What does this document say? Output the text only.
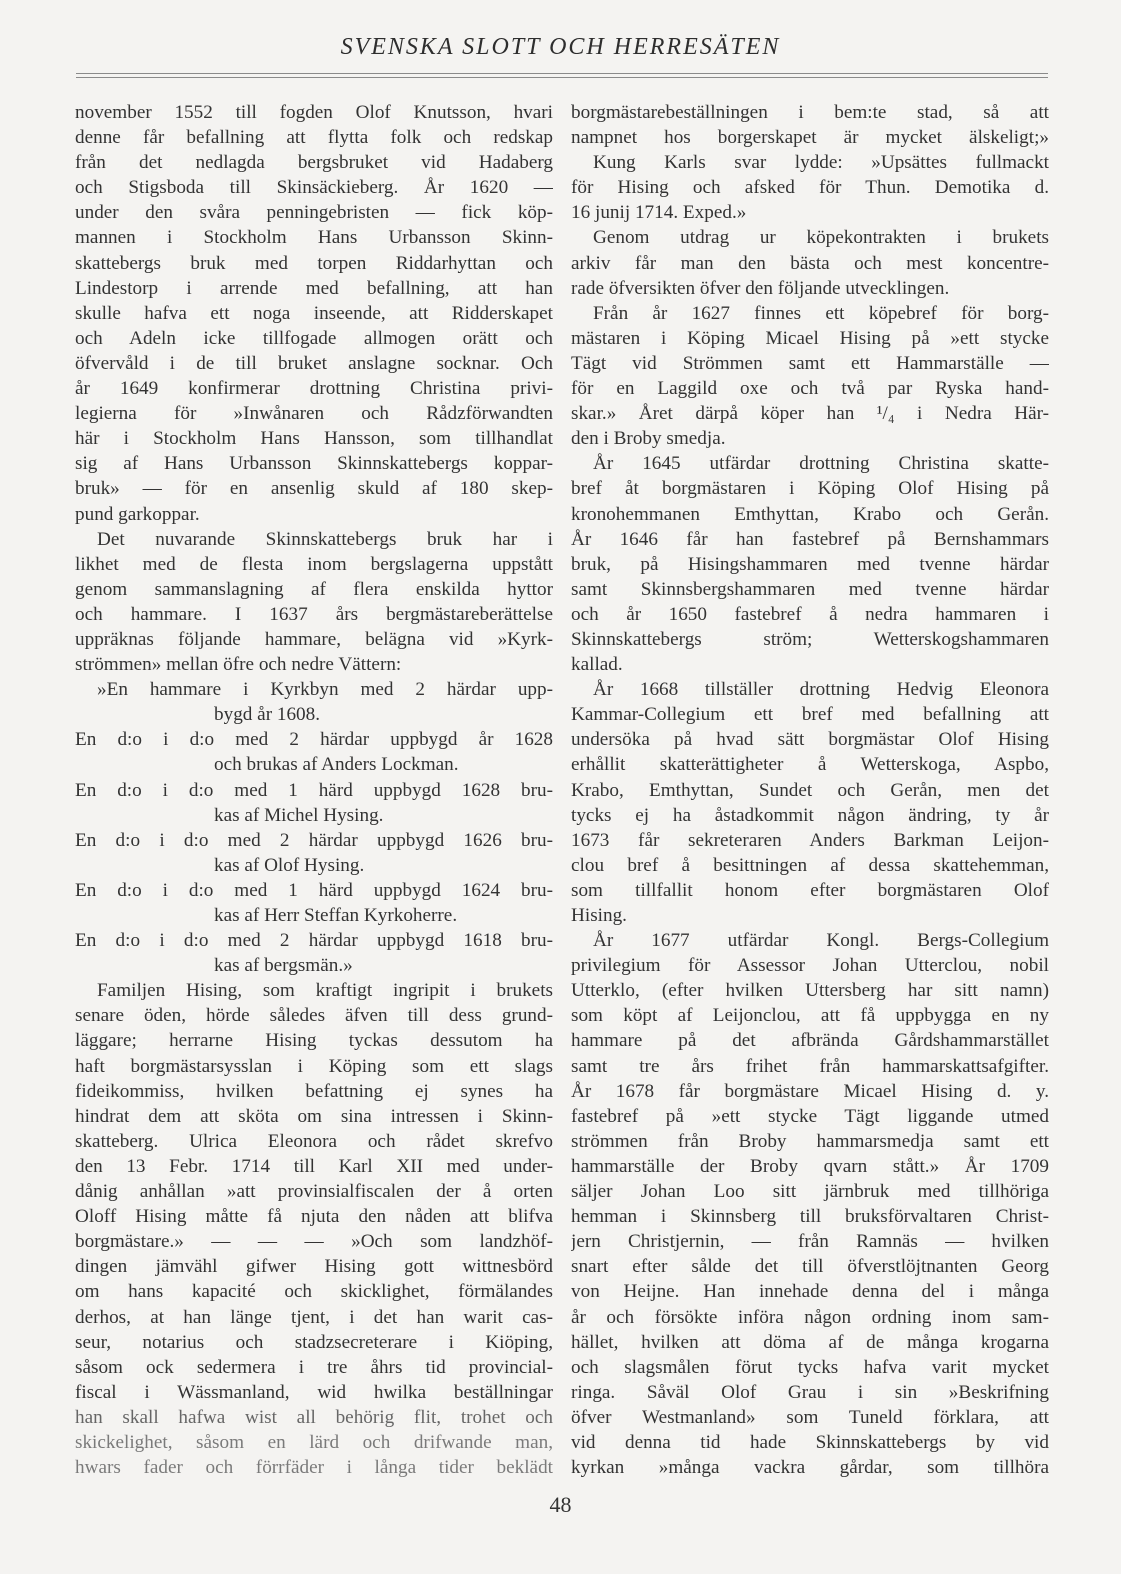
SVENSKA SLOTT OCH HERRESÄTEN
november 1552 till fogden Olof Knutsson, hvari
denne får befallning att flytta folk och redskap
från det nedlagda bergsbruket vid Hadaberg
och Stigsboda till Skinsäckieberg. År 1620 —
under den svåra penningebristen — fick köp-
mannen i Stockholm Hans Urbansson Skinn-
skattebergs bruk med torpen Riddarhyttan och
Lindestorp i arrende med befallning, att han
skulle hafva ett noga inseende, att Ridderskapet
och Adeln icke tillfogade allmogen orätt och
öfvervåld i de till bruket anslagne socknar. Och
år 1649 konfirmerar drottning Christina privi-
legierna för »Inwånaren och Rådzförwandten
här i Stockholm Hans Hansson, som tillhandlat
sig af Hans Urbansson Skinnskattebergs koppar-
bruk» — för en ansenlig skuld af 180 skep-
pund garkoppar.
Det nuvarande Skinnskattebergs bruk har i
likhet med de flesta inom bergslagerna uppstått
genom sammanslagning af flera enskilda hyttor
och hammare. I 1637 års bergmästareberättelse
uppräknas följande hammare, belägna vid »Kyrk-
strömmen» mellan öfre och nedre Vättern:
»En hammare i Kyrkbyn med 2 härdar upp-
bygd år 1608.
En d:o i d:o med 2 härdar uppbygd år 1628
och brukas af Anders Lockman.
En d:o i d:o med 1 härd uppbygd 1628 bru-
kas af Michel Hysing.
En d:o i d:o med 2 härdar uppbygd 1626 bru-
kas af Olof Hysing.
En d:o i d:o med 1 härd uppbygd 1624 bru-
kas af Herr Steffan Kyrkoherre.
En d:o i d:o med 2 härdar uppbygd 1618 bru-
kas af bergsmän.»
Familjen Hising, som kraftigt ingripit i brukets
senare öden, hörde således äfven till dess grund-
läggare; herrarne Hising tyckas dessutom ha
haft borgmästarsysslan i Köping som ett slags
fideikommiss, hvilken befattning ej synes ha
hindrat dem att sköta om sina intressen i Skinn-
skatteberg. Ulrica Eleonora och rådet skrefvo
den 13 Febr. 1714 till Karl XII med under-
dånig anhållan »att provinsialfiscalen der å orten
Oloff Hising måtte få njuta den nåden att blifva
borgmästare.» — — — »Och som landzhöf-
dingen jämvähl gifwer Hising gott wittnesbörd
om hans kapacité och skicklighet, förmälandes
derhos, at han länge tjent, i det han warit cas-
seur, notarius och stadzsecreterare i Kiöping,
såsom ock sedermera i tre åhrs tid provincial-
fiscal i Wässmanland, wid hwilka beställningar
han skall hafwa wist all behörig flit, trohet och
skickelighet, såsom en lärd och drifwande man,
hwars fader och förrfäder i långa tider beklädt
borgmästarebeställningen i bem:te stad, så att
nampnet hos borgerskapet är mycket älskeligt;»
Kung Karls svar lydde: »Upsättes fullmackt
för Hising och afsked för Thun. Demotika d.
16 junij 1714. Exped.»
Genom utdrag ur köpekontrakten i brukets
arkiv får man den bästa och mest koncentre-
rade öfversikten öfver den följande utvecklingen.
Från år 1627 finnes ett köpebref för borg-
mästaren i Köping Micael Hising på »ett stycke
Tägt vid Strömmen samt ett Hammarställe —
för en Laggild oxe och två par Ryska hand-
skar.» Året därpå köper han ¹/₄ i Nedra Här-
den i Broby smedja.
År 1645 utfärdar drottning Christina skatte-
bref åt borgmästaren i Köping Olof Hising på
kronohemmanen Emthyttan, Krabo och Gerån.
År 1646 får han fastebref på Bernshammars
bruk, på Hisingshammaren med tvenne härdar
samt Skinnsbergshammaren med tvenne härdar
och år 1650 fastebref å nedra hammaren i
Skinnskattebergs ström; Wetterskogshammaren
kallad.
År 1668 tillställer drottning Hedvig Eleonora
Kammar-Collegium ett bref med befallning att
undersöka på hvad sätt borgmästar Olof Hising
erhållit skatterättigheter å Wetterskoga, Aspbo,
Krabo, Emthyttan, Sundet och Gerån, men det
tycks ej ha åstadkommit någon ändring, ty år
1673 får sekreteraren Anders Barkman Leijon-
clou bref å besittningen af dessa skattehemman,
som tillfallit honom efter borgmästaren Olof
Hising.
År 1677 utfärdar Kongl. Bergs-Collegium
privilegium för Assessor Johan Utterclou, nobil
Utterklo, (efter hvilken Uttersberg har sitt namn)
som köpt af Leijonclou, att få uppbygga en ny
hammare på det afbrända Gårdshammarstället
samt tre års frihet från hammarskattsafgifter.
År 1678 får borgmästare Micael Hising d. y.
fastebref på »ett stycke Tägt liggande utmed
strömmen från Broby hammarsmedja samt ett
hammarställe der Broby qvarn stått.» År 1709
säljer Johan Loo sitt järnbruk med tillhöriga
hemman i Skinnsberg till bruksförvaltaren Christ-
jern Christjernin, — från Ramnäs — hvilken
snart efter sålde det till öfverstlöjtnanten Georg
von Heijne. Han innehade denna del i många
år och försökte införa någon ordning inom sam-
hället, hvilken att döma af de många krogarna
och slagsmålen förut tycks hafva varit mycket
ringa. Såväl Olof Grau i sin »Beskrifning
öfver Westmanland» som Tuneld förklara, att
vid denna tid hade Skinnskattebergs by vid
kyrkan »många vackra gårdar, som tillhöra
48
